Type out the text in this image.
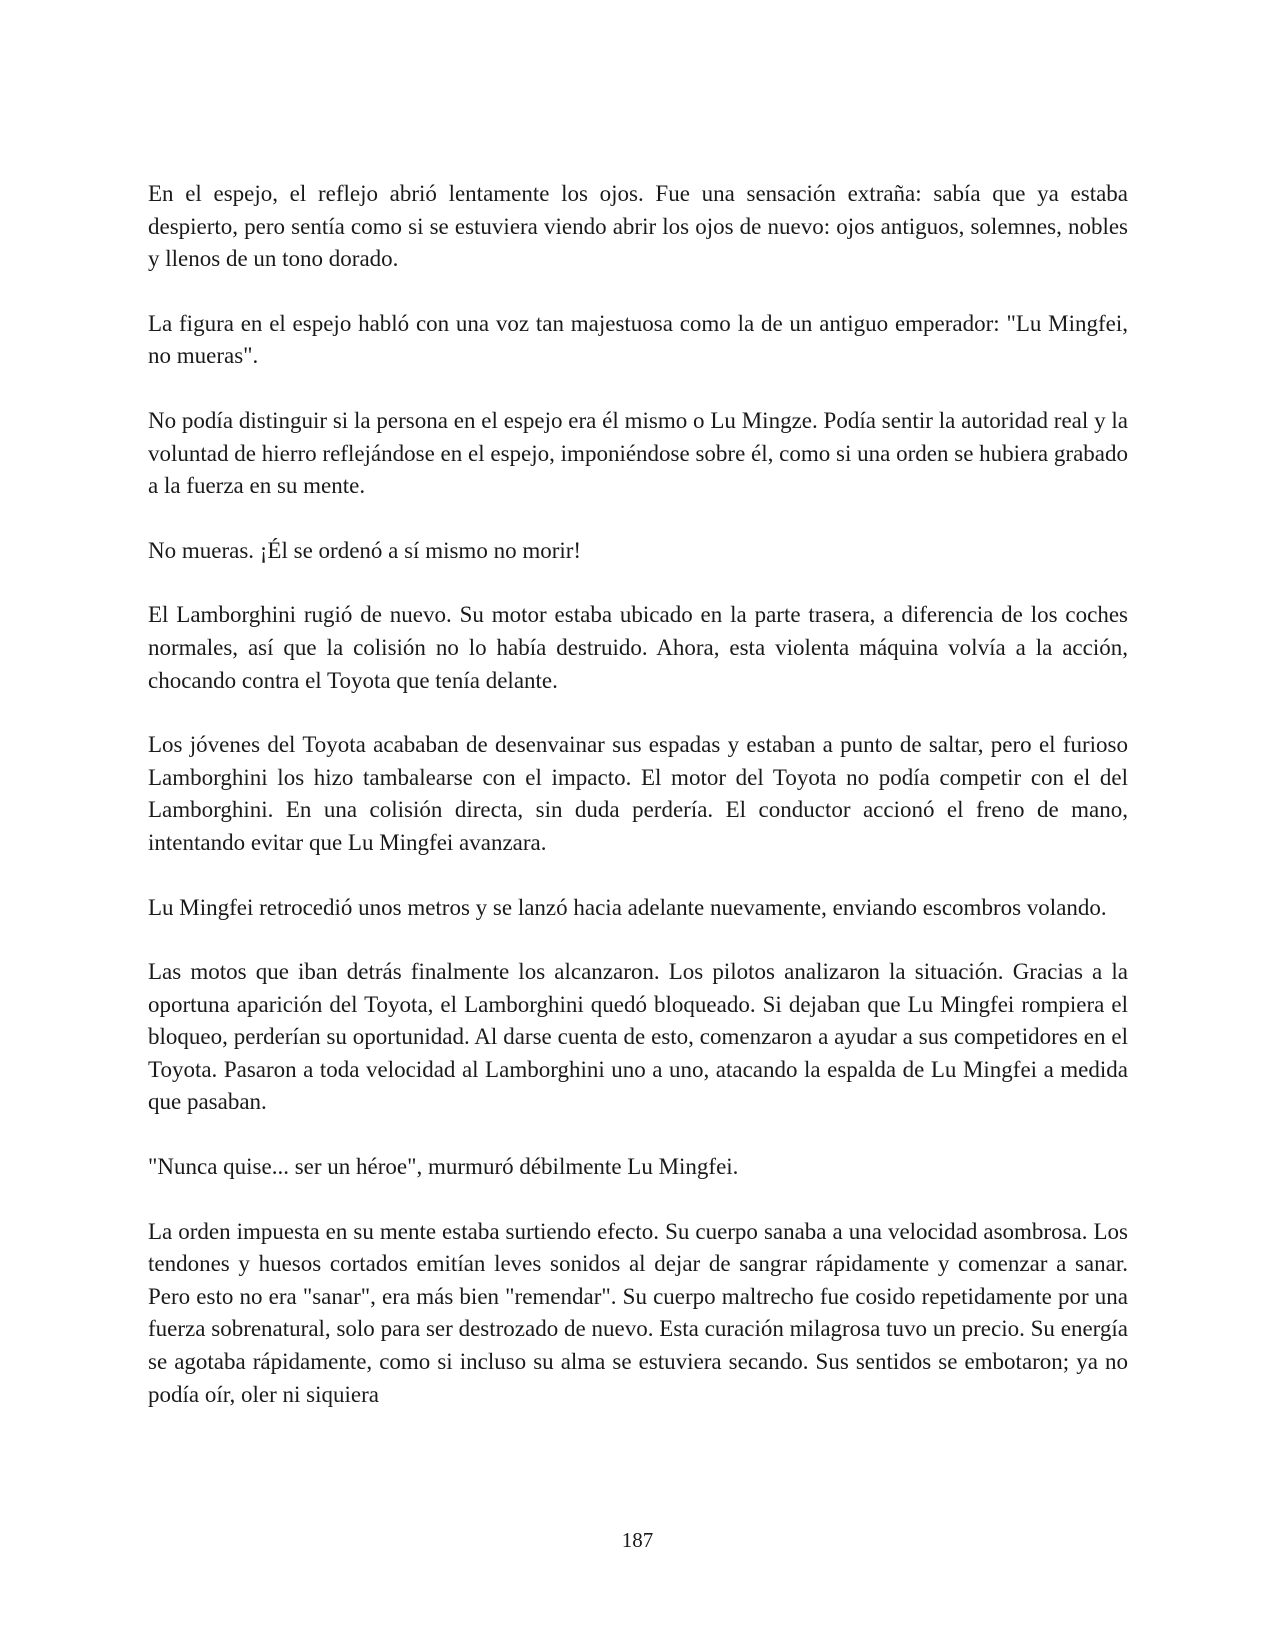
En el espejo, el reflejo abrió lentamente los ojos. Fue una sensación extraña: sabía que ya estaba despierto, pero sentía como si se estuviera viendo abrir los ojos de nuevo: ojos antiguos, solemnes, nobles y llenos de un tono dorado.

La figura en el espejo habló con una voz tan majestuosa como la de un antiguo emperador: "Lu Mingfei, no mueras".

No podía distinguir si la persona en el espejo era él mismo o Lu Mingze. Podía sentir la autoridad real y la voluntad de hierro reflejándose en el espejo, imponiéndose sobre él, como si una orden se hubiera grabado a la fuerza en su mente.

No mueras. ¡Él se ordenó a sí mismo no morir!

El Lamborghini rugió de nuevo. Su motor estaba ubicado en la parte trasera, a diferencia de los coches normales, así que la colisión no lo había destruido. Ahora, esta violenta máquina volvía a la acción, chocando contra el Toyota que tenía delante.

Los jóvenes del Toyota acababan de desenvainar sus espadas y estaban a punto de saltar, pero el furioso Lamborghini los hizo tambalearse con el impacto. El motor del Toyota no podía competir con el del Lamborghini. En una colisión directa, sin duda perdería. El conductor accionó el freno de mano, intentando evitar que Lu Mingfei avanzara.

Lu Mingfei retrocedió unos metros y se lanzó hacia adelante nuevamente, enviando escombros volando.

Las motos que iban detrás finalmente los alcanzaron. Los pilotos analizaron la situación. Gracias a la oportuna aparición del Toyota, el Lamborghini quedó bloqueado. Si dejaban que Lu Mingfei rompiera el bloqueo, perderían su oportunidad. Al darse cuenta de esto, comenzaron a ayudar a sus competidores en el Toyota. Pasaron a toda velocidad al Lamborghini uno a uno, atacando la espalda de Lu Mingfei a medida que pasaban.

"Nunca quise... ser un héroe", murmuró débilmente Lu Mingfei.

La orden impuesta en su mente estaba surtiendo efecto. Su cuerpo sanaba a una velocidad asombrosa. Los tendones y huesos cortados emitían leves sonidos al dejar de sangrar rápidamente y comenzar a sanar. Pero esto no era "sanar", era más bien "remendar". Su cuerpo maltrecho fue cosido repetidamente por una fuerza sobrenatural, solo para ser destrozado de nuevo. Esta curación milagrosa tuvo un precio. Su energía se agotaba rápidamente, como si incluso su alma se estuviera secando. Sus sentidos se embotaron; ya no podía oír, oler ni siquiera

187
